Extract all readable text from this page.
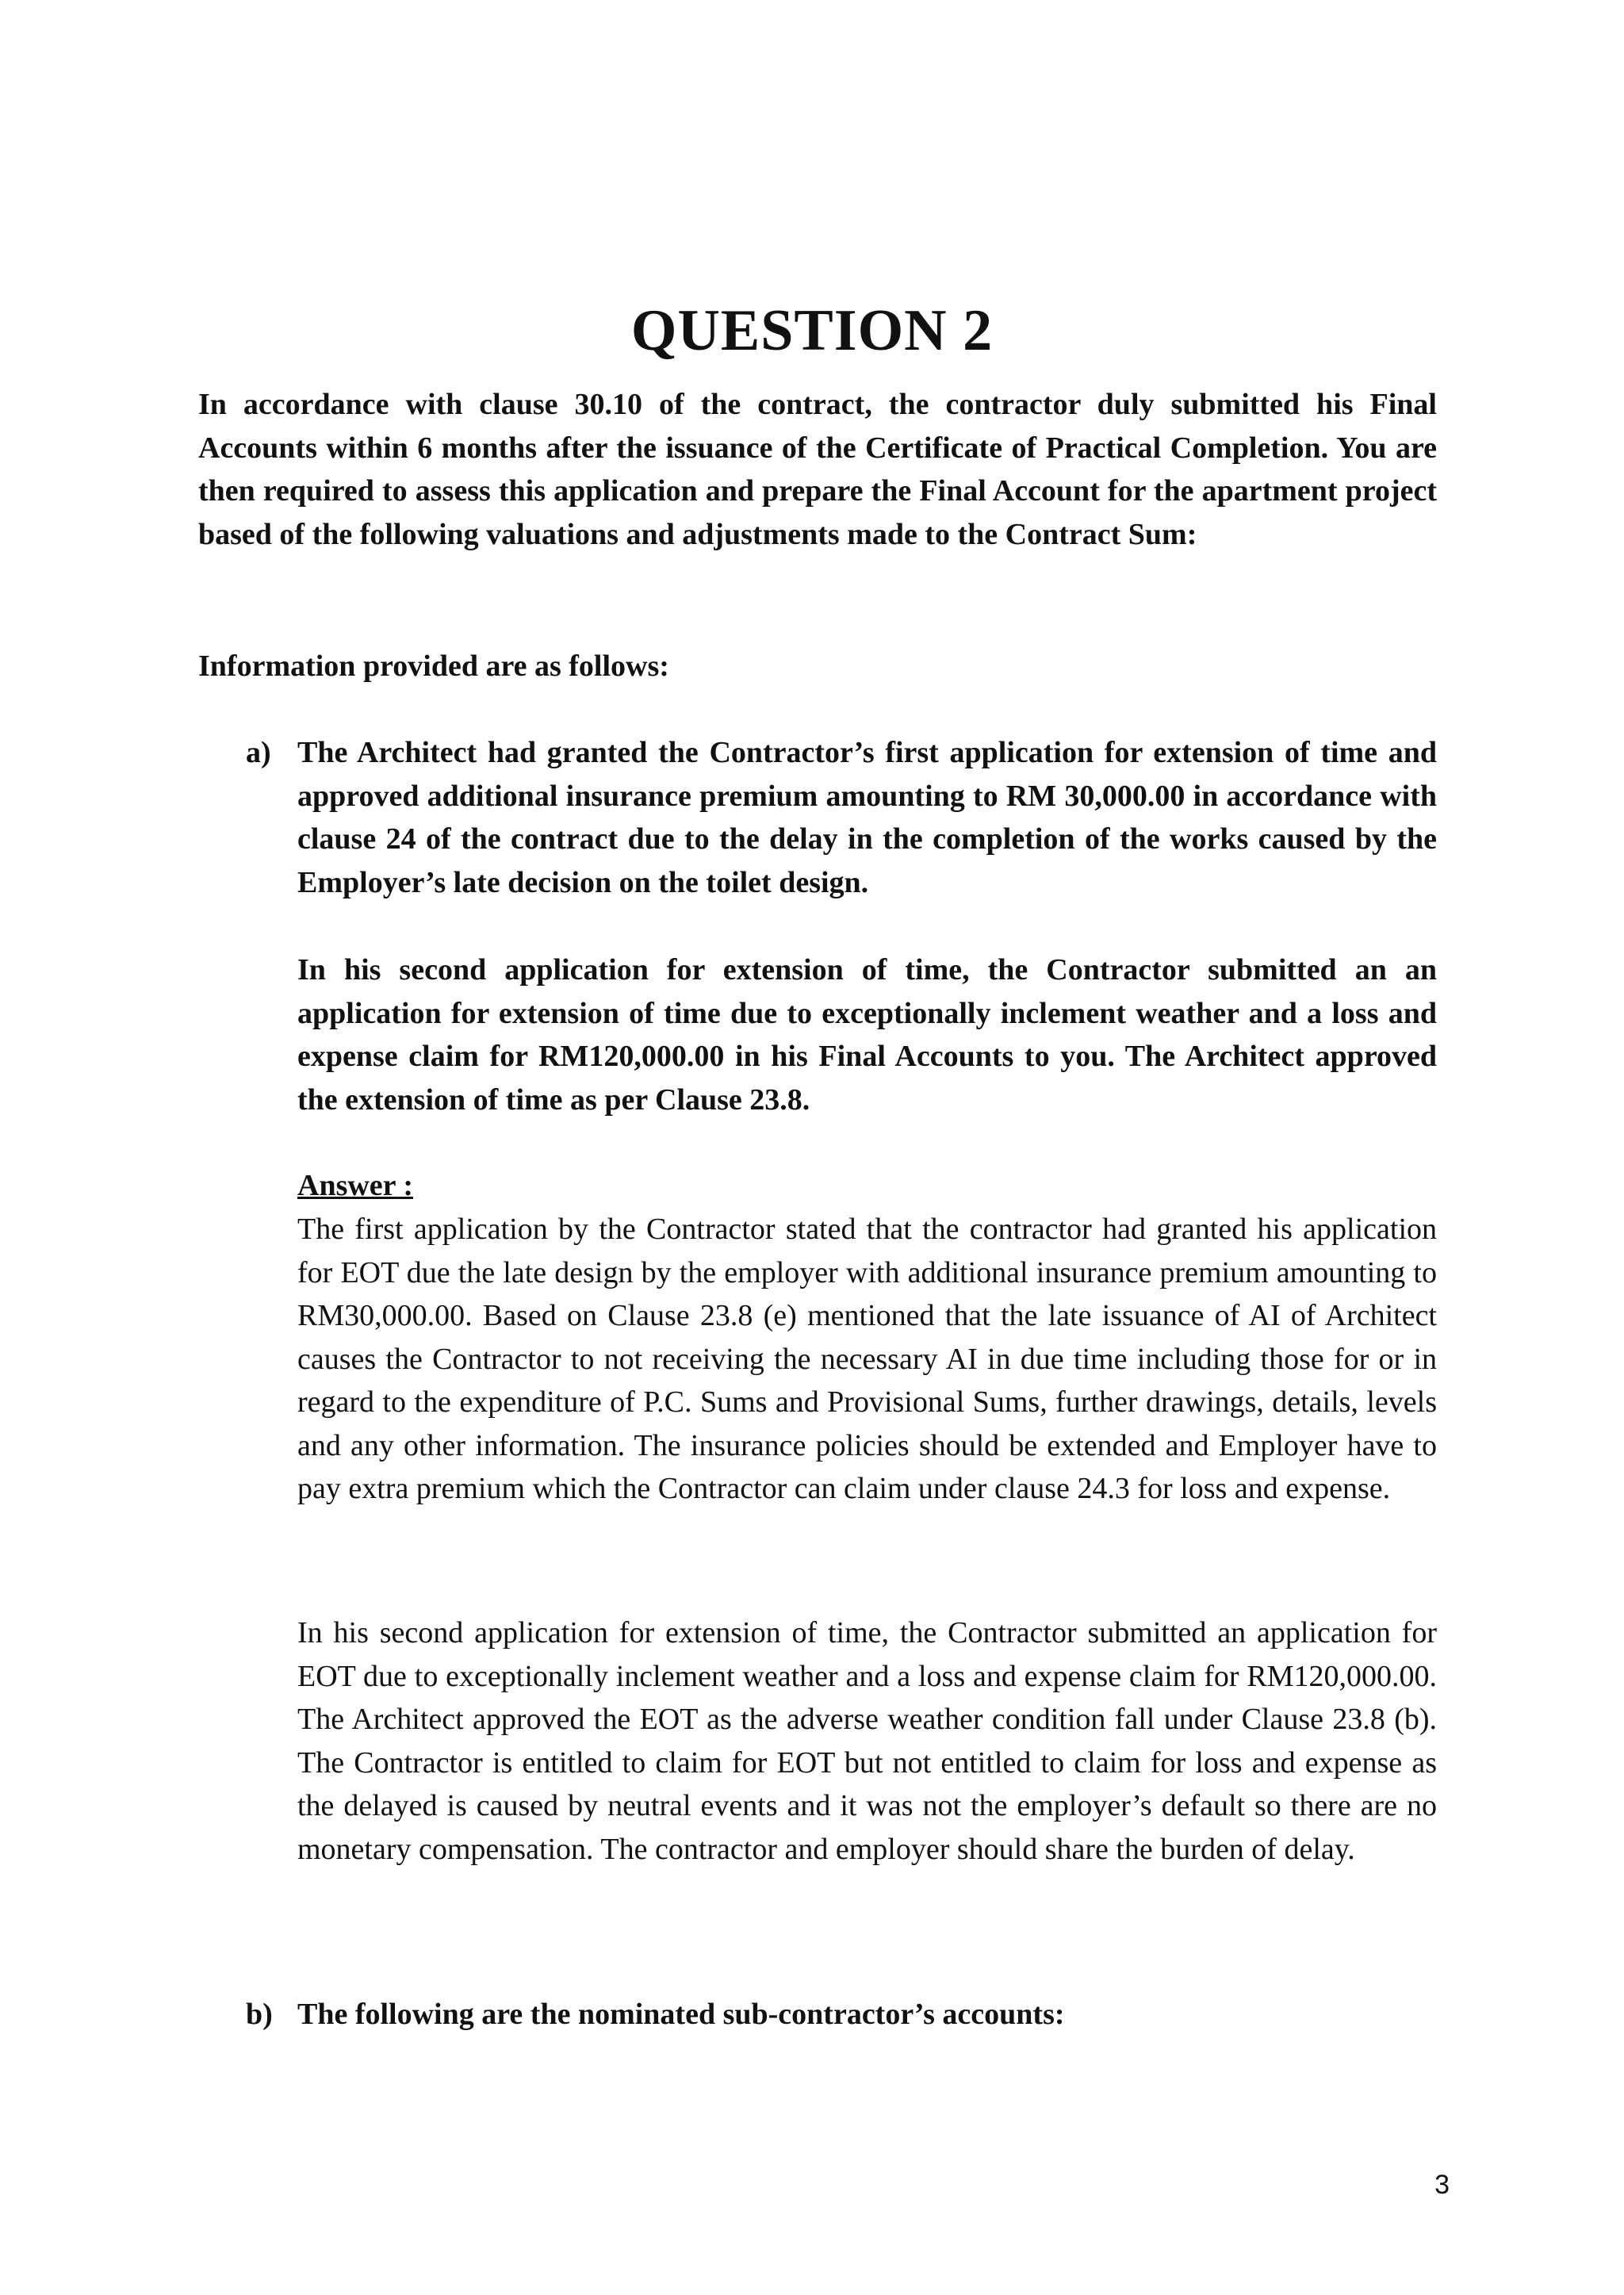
QUESTION 2

In accordance with clause 30.10 of the contract, the contractor duly submitted his Final Accounts within 6 months after the issuance of the Certificate of Practical Completion. You are then required to assess this application and prepare the Final Account for the apartment project based of the following valuations and adjustments made to the Contract Sum:

Information provided are as follows:

a) The Architect had granted the Contractor’s first application for extension of time and approved additional insurance premium amounting to RM 30,000.00 in accordance with clause 24 of the contract due to the delay in the completion of the works caused by the Employer’s late decision on the toilet design.

In his second application for extension of time, the Contractor submitted an an application for extension of time due to exceptionally inclement weather and a loss and expense claim for RM120,000.00 in his Final Accounts to you. The Architect approved the extension of time as per Clause 23.8.

Answer :

The first application by the Contractor stated that the contractor had granted his application for EOT due the late design by the employer with additional insurance premium amounting to RM30,000.00. Based on Clause 23.8 (e) mentioned that the late issuance of AI of Architect causes the Contractor to not receiving the necessary AI in due time including those for or in regard to the expenditure of P.C. Sums and Provisional Sums, further drawings, details, levels and any other information. The insurance policies should be extended and Employer have to pay extra premium which the Contractor can claim under clause 24.3 for loss and expense.

In his second application for extension of time, the Contractor submitted an application for EOT due to exceptionally inclement weather and a loss and expense claim for RM120,000.00. The Architect approved the EOT as the adverse weather condition fall under Clause 23.8 (b). The Contractor is entitled to claim for EOT but not entitled to claim for loss and expense as the delayed is caused by neutral events and it was not the employer’s default so there are no monetary compensation. The contractor and employer should share the burden of delay.

b) The following are the nominated sub-contractor’s accounts:

3
